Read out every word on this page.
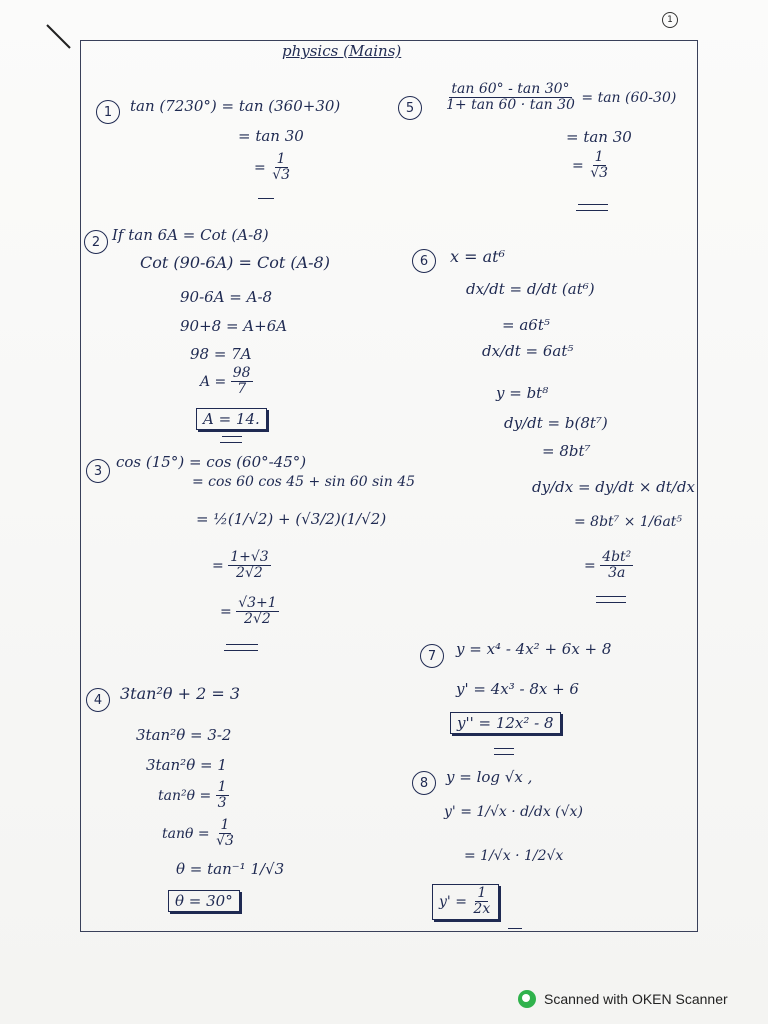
1
physics (Mains)
1 tan (7230°) = tan (360+30)
= tan 30
= $\frac{1}{√3}$
$5 \frac{\tan 60^\circ - \tan 30^\circ}{1+ \tan 60 \cdot \tan 30} = \tan (60-30)$
= tan 30
= $\frac{1}{√3}$
2 If tan 6A = Cot (A-8)
Cot (90-6A) = Cot (A-8)
90-6A = A-8
90+8 = A+6A
98 = 7A
$A = \frac{98}{7}$
A = 14.
6 x = at⁶
dx/dt = d/dt (at⁶)
= a6t⁵
dx/dt = 6at⁵
y = bt⁸
dy/dt = b(8t⁷)
= 8bt⁷
dy/dx = dy/dt × dt/dx
= 8bt⁷ × 1/6at⁵
= $\frac{\text{4bt²}}{3a}$
3 cos (15°) = cos (60°-45°)
= cos 60 cos 45 + sin 60 sin 45
= ½(1/√2) + (√3/2)(1/√2)
= $\frac{1+√3}{2√2}$
= $\frac{√3+1}{2√2}$
7 y = x⁴ - 4x² + 6x + 8
y' = 4x³ - 8x + 6
y'' = 12x² - 8
4 3tan²θ + 2 = 3
3tan²θ = 3-2
3tan²θ = 1
$\tan^2\theta = \frac{1}{3}$
$\tan\theta = \frac{1}{√3}$
θ = tan⁻¹ 1/√3
θ = 30°
8 y = log √x ,
y' = 1/√x · d/dx (√x)
= 1/√x · 1/2√x
$y' = \frac{1}{2x}$
Scanned with OKEN Scanner
